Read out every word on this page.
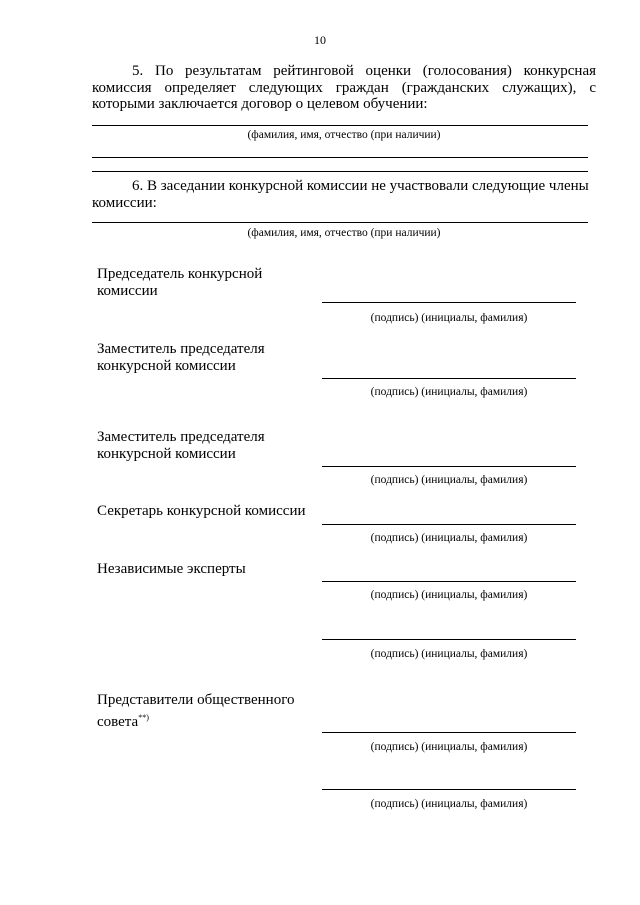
10
5. По результатам рейтинговой оценки (голосования) конкурсная комиссия определяет следующих граждан (гражданских служащих), с которыми заключается договор о целевом обучении:
(фамилия, имя, отчество (при наличии)
6. В заседании конкурсной комиссии не участвовали следующие члены комиссии:
(фамилия, имя, отчество (при наличии)
Председатель конкурсной комиссии
(подпись) (инициалы, фамилия)
Заместитель председателя конкурсной комиссии
(подпись) (инициалы, фамилия)
Заместитель председателя конкурсной комиссии
(подпись) (инициалы, фамилия)
Секретарь конкурсной комиссии
(подпись) (инициалы, фамилия)
Независимые эксперты
(подпись) (инициалы, фамилия)
(подпись) (инициалы, фамилия)
Представители общественного совета**)
(подпись) (инициалы, фамилия)
(подпись) (инициалы, фамилия)
